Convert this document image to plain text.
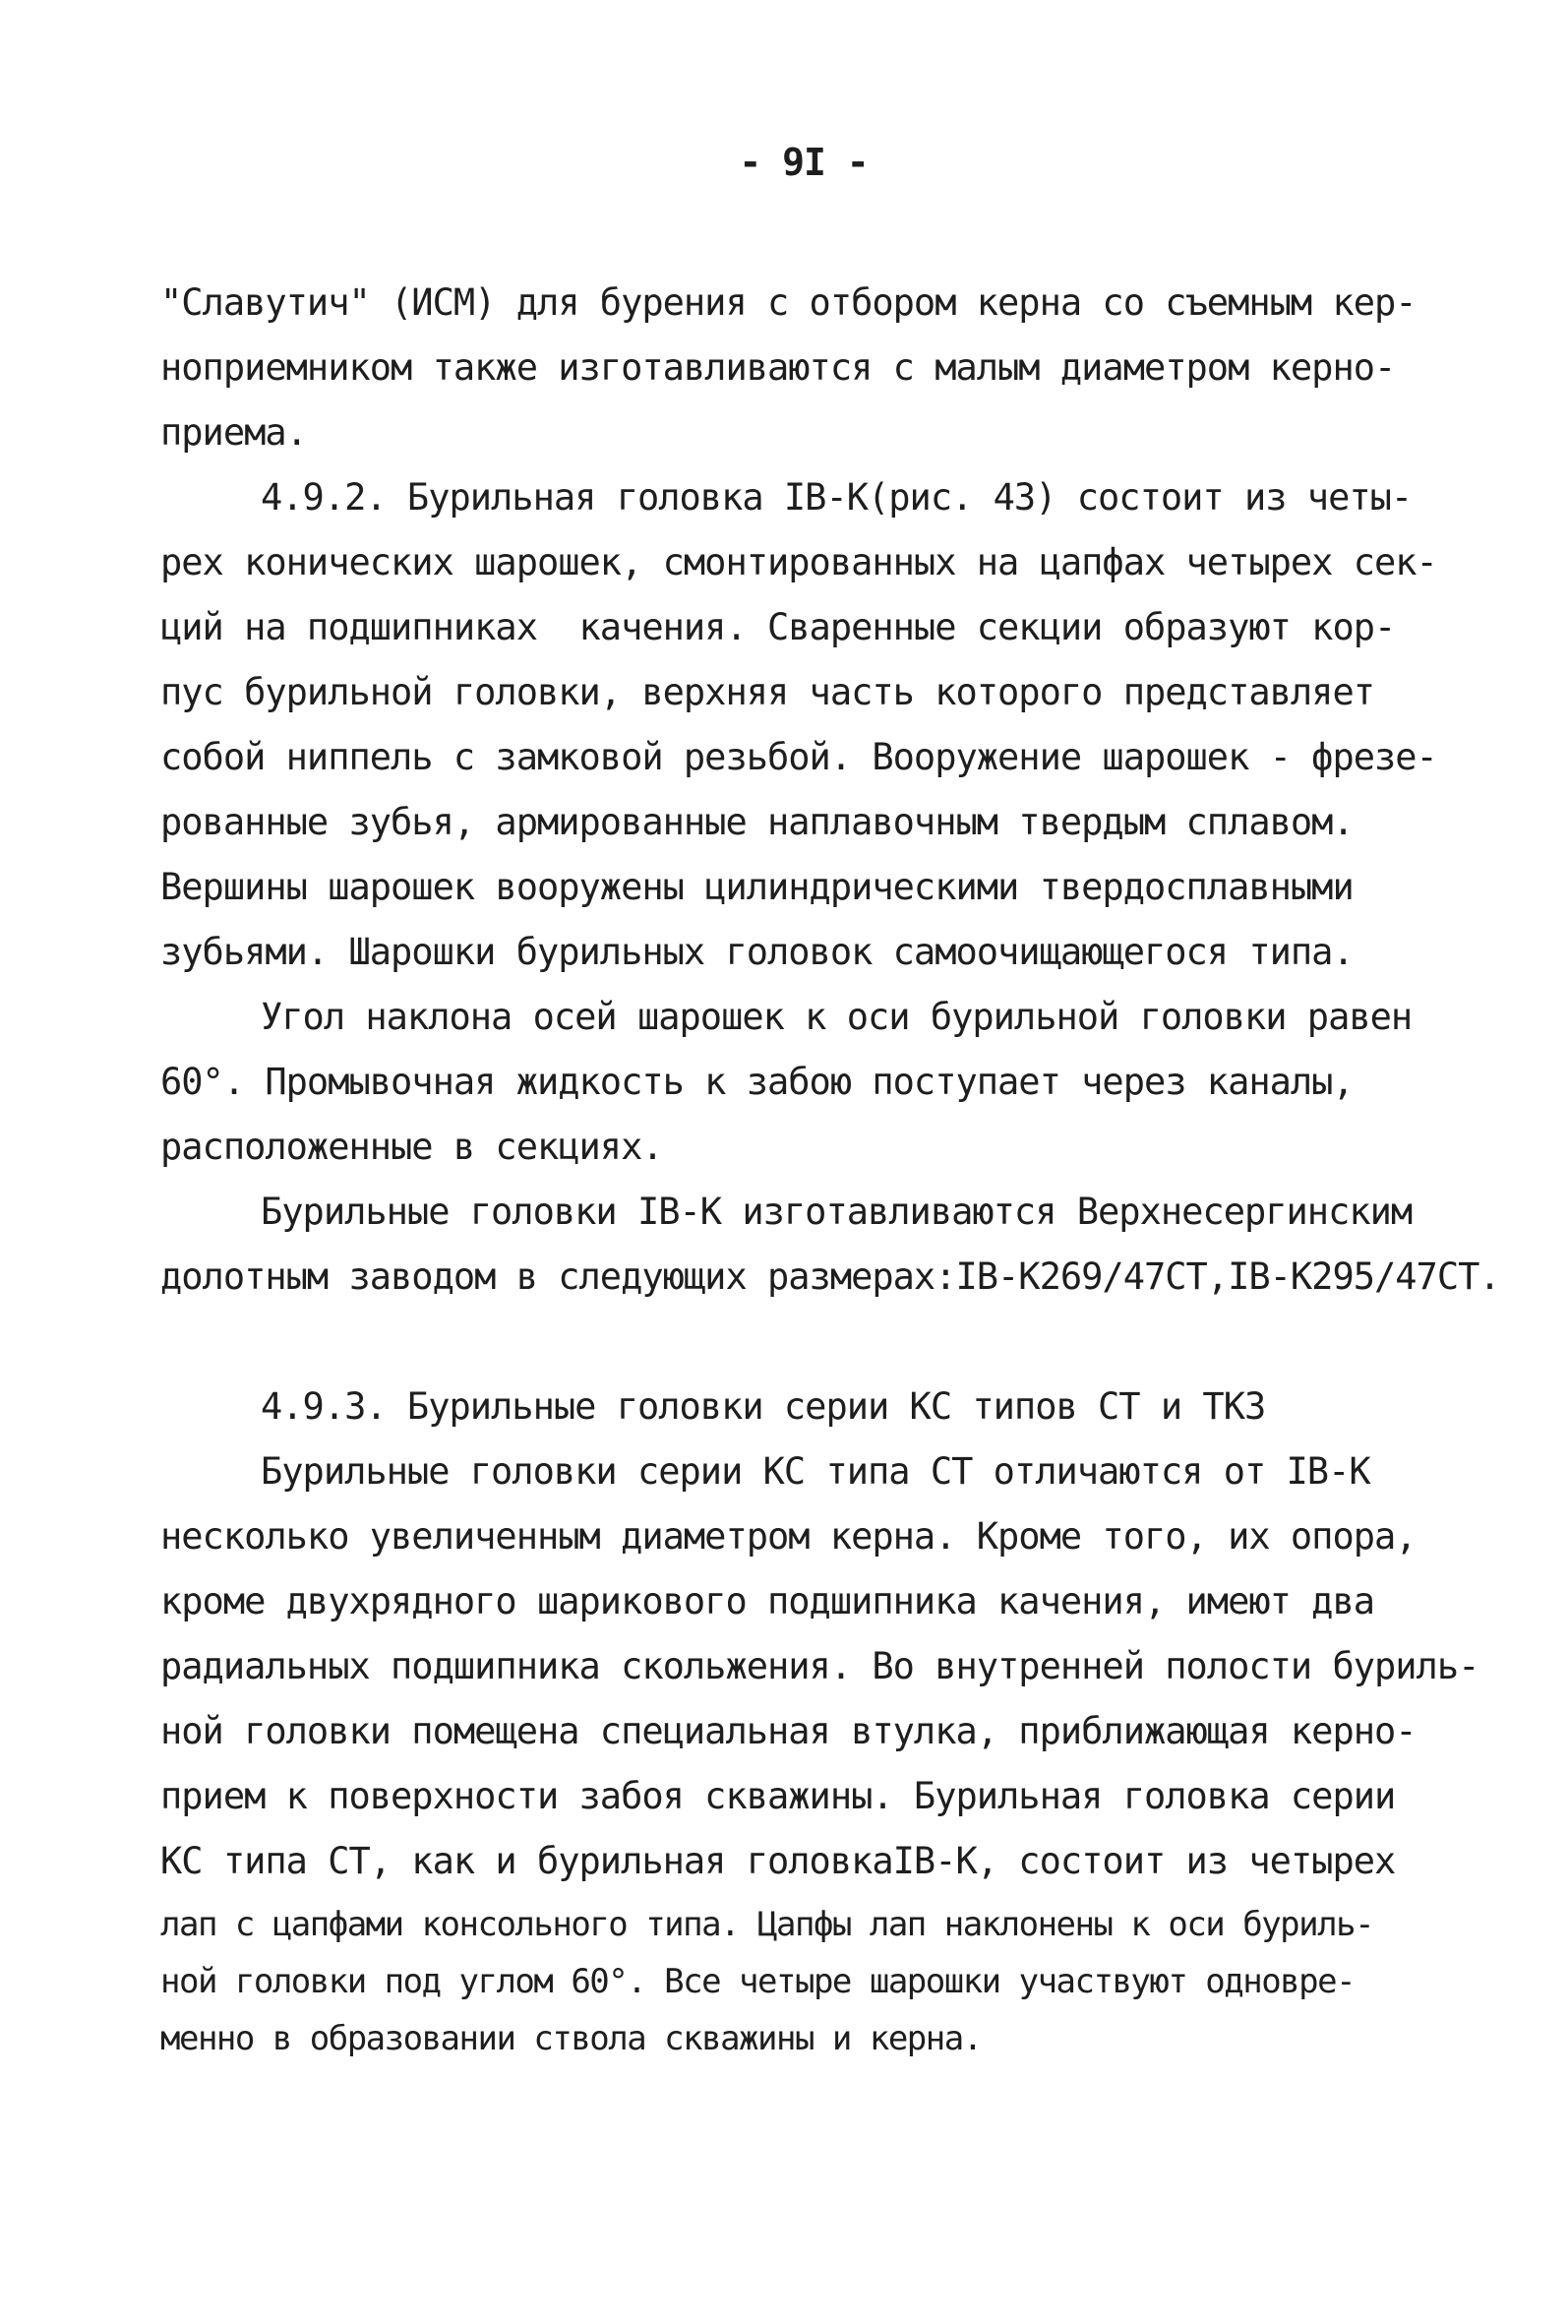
- 9I -
"Славутич" (ИСМ) для бурения с отбором керна со съемным кер-
ноприемником также изготавливаются с малым диаметром керно-
приема.
4.9.2. Бурильная головка IВ-К(рис. 43) состоит из четы-
рех конических шарошек, смонтированных на цапфах четырех сек-
ций на подшипниках  качения. Сваренные секции образуют кор-
пус бурильной головки, верхняя часть которого представляет
собой ниппель с замковой резьбой. Вооружение шарошек - фрезе-
рованные зубья, армированные наплавочным твердым сплавом.
Вершины шарошек вооружены цилиндрическими твердосплавными
зубьями. Шарошки бурильных головок самоочищающегося типа.
Угол наклона осей шарошек к оси бурильной головки равен
60°. Промывочная жидкость к забою поступает через каналы,
расположенные в секциях.
Бурильные головки IВ-К изготавливаются Верхнесергинским
долотным заводом в следующих размерах:IВ-К269/47СТ,IВ-К295/47СТ.
4.9.3. Бурильные головки серии КС типов СТ и ТКЗ
Бурильные головки серии КС типа СТ отличаются от IВ-К
несколько увеличенным диаметром керна. Кроме того, их опора,
кроме двухрядного шарикового подшипника качения, имеют два
радиальных подшипника скольжения. Во внутренней полости буриль-
ной головки помещена специальная втулка, приближающая керно-
прием к поверхности забоя скважины. Бурильная головка серии
КС типа СТ, как и бурильная головкаIВ-К, состоит из четырех
лап с цапфами консольного типа. Цапфы лап наклонены к оси буриль-
ной головки под углом 60°. Все четыре шарошки участвуют одновре-
менно в образовании ствола скважины и керна.
